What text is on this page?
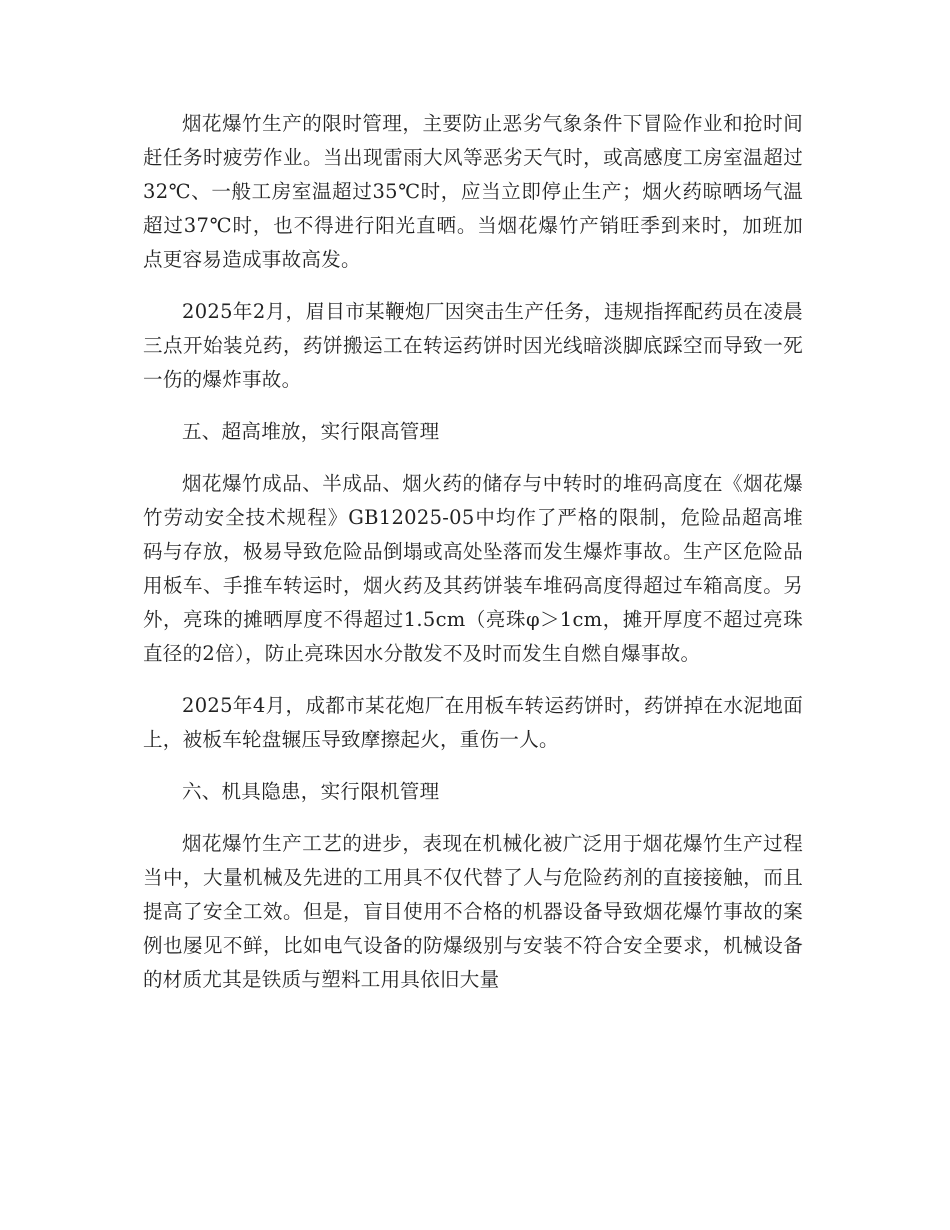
烟花爆竹生产的限时管理，主要防止恶劣气象条件下冒险作业和抢时间赶任务时疲劳作业。当出现雷雨大风等恶劣天气时，或高感度工房室温超过32℃、一般工房室温超过35℃时，应当立即停止生产；烟火药晾晒场气温超过37℃时，也不得进行阳光直晒。当烟花爆竹产销旺季到来时，加班加点更容易造成事故高发。

2025年2月，眉目市某鞭炮厂因突击生产任务，违规指挥配药员在凌晨三点开始装兑药，药饼搬运工在转运药饼时因光线暗淡脚底踩空而导致一死一伤的爆炸事故。

五、超高堆放，实行限高管理

烟花爆竹成品、半成品、烟火药的储存与中转时的堆码高度在《烟花爆竹劳动安全技术规程》GB12025-05中均作了严格的限制，危险品超高堆码与存放，极易导致危险品倒塌或高处坠落而发生爆炸事故。生产区危险品用板车、手推车转运时，烟火药及其药饼装车堆码高度得超过车箱高度。另外，亮珠的摊晒厚度不得超过1.5cm（亮珠φ＞1cm，摊开厚度不超过亮珠直径的2倍），防止亮珠因水分散发不及时而发生自燃自爆事故。

2025年4月，成都市某花炮厂在用板车转运药饼时，药饼掉在水泥地面上，被板车轮盘辗压导致摩擦起火，重伤一人。

六、机具隐患，实行限机管理

烟花爆竹生产工艺的进步，表现在机械化被广泛用于烟花爆竹生产过程当中，大量机械及先进的工用具不仅代替了人与危险药剂的直接接触，而且提高了安全工效。但是，盲目使用不合格的机器设备导致烟花爆竹事故的案例也屡见不鲜，比如电气设备的防爆级别与安装不符合安全要求，机械设备的材质尤其是铁质与塑料工用具依旧大量
